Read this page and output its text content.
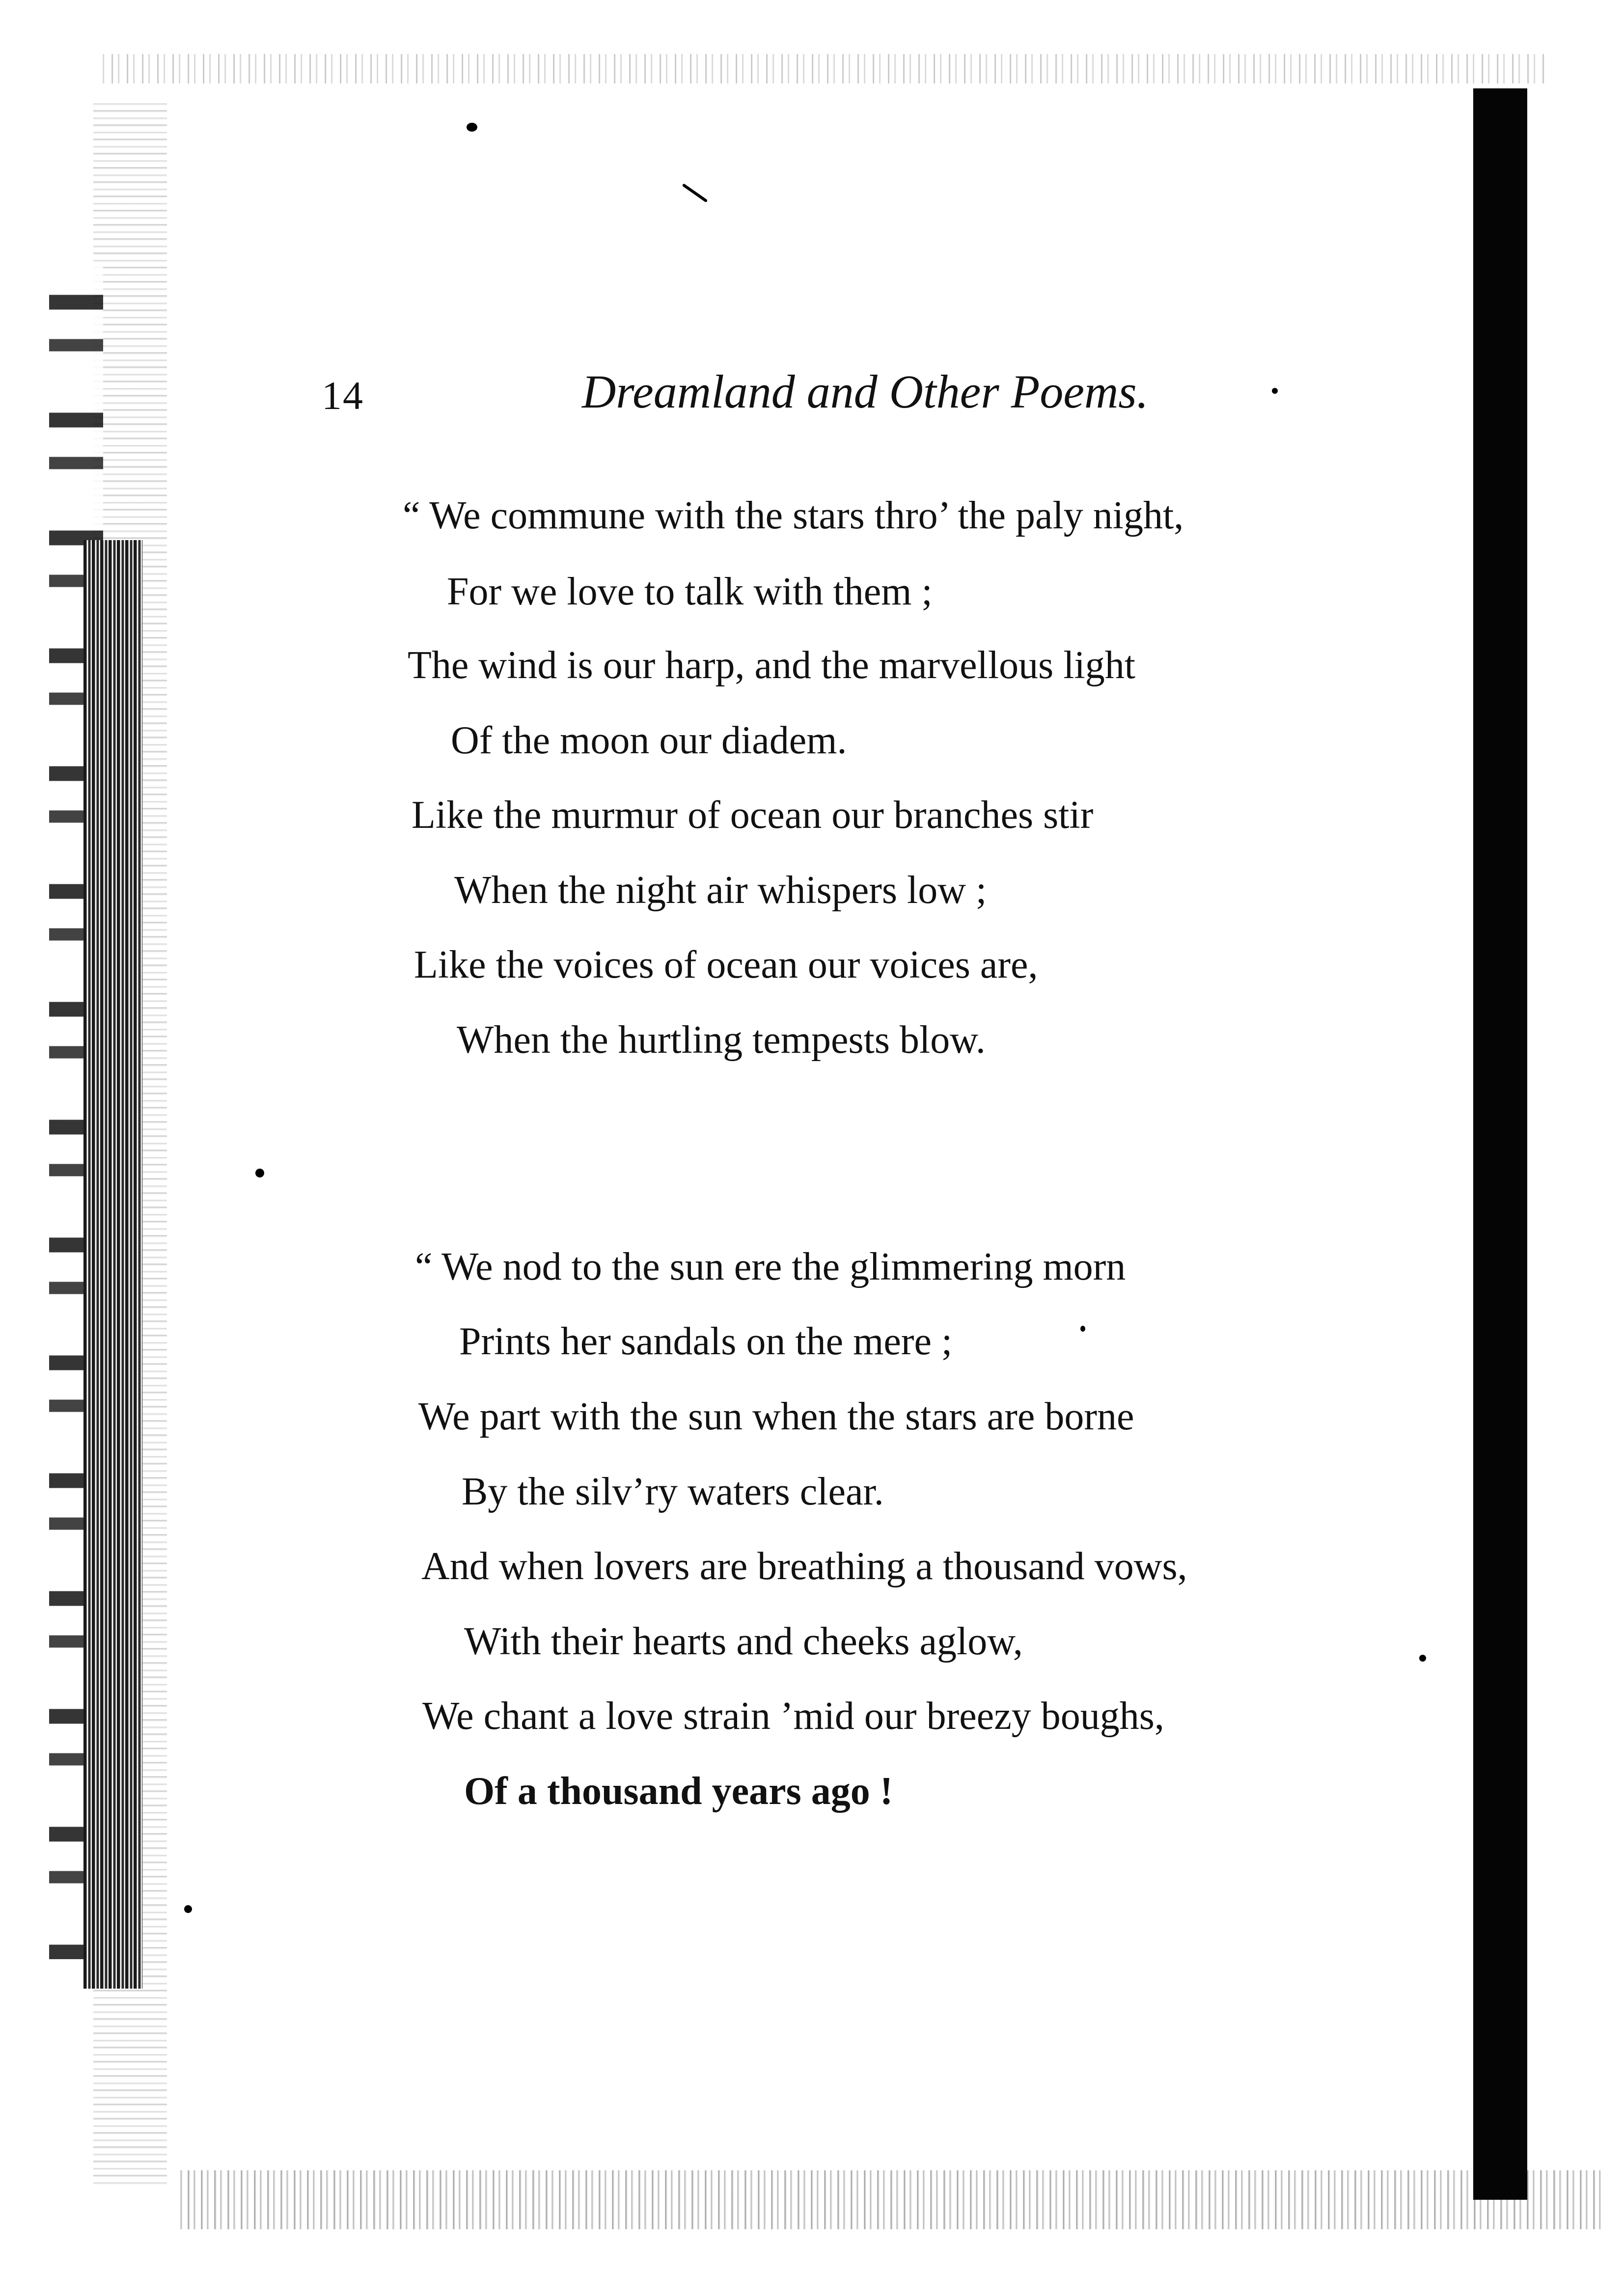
14	Dreamland and Other Poems.
“ We commune with the stars thro’ the paly night,
For we love to talk with them ;
The wind is our harp, and the marvellous light
Of the moon our diadem.
Like the murmur of ocean our branches stir
When the night air whispers low ;
Like the voices of ocean our voices are,
When the hurtling tempests blow.
“ We nod to the sun ere the glimmering morn
Prints her sandals on the mere ;
We part with the sun when the stars are borne
By the silv’ry waters clear.
And when lovers are breathing a thousand vows,
With their hearts and cheeks aglow,
We chant a love strain ’mid our breezy boughs,
Of a thousand years ago !
